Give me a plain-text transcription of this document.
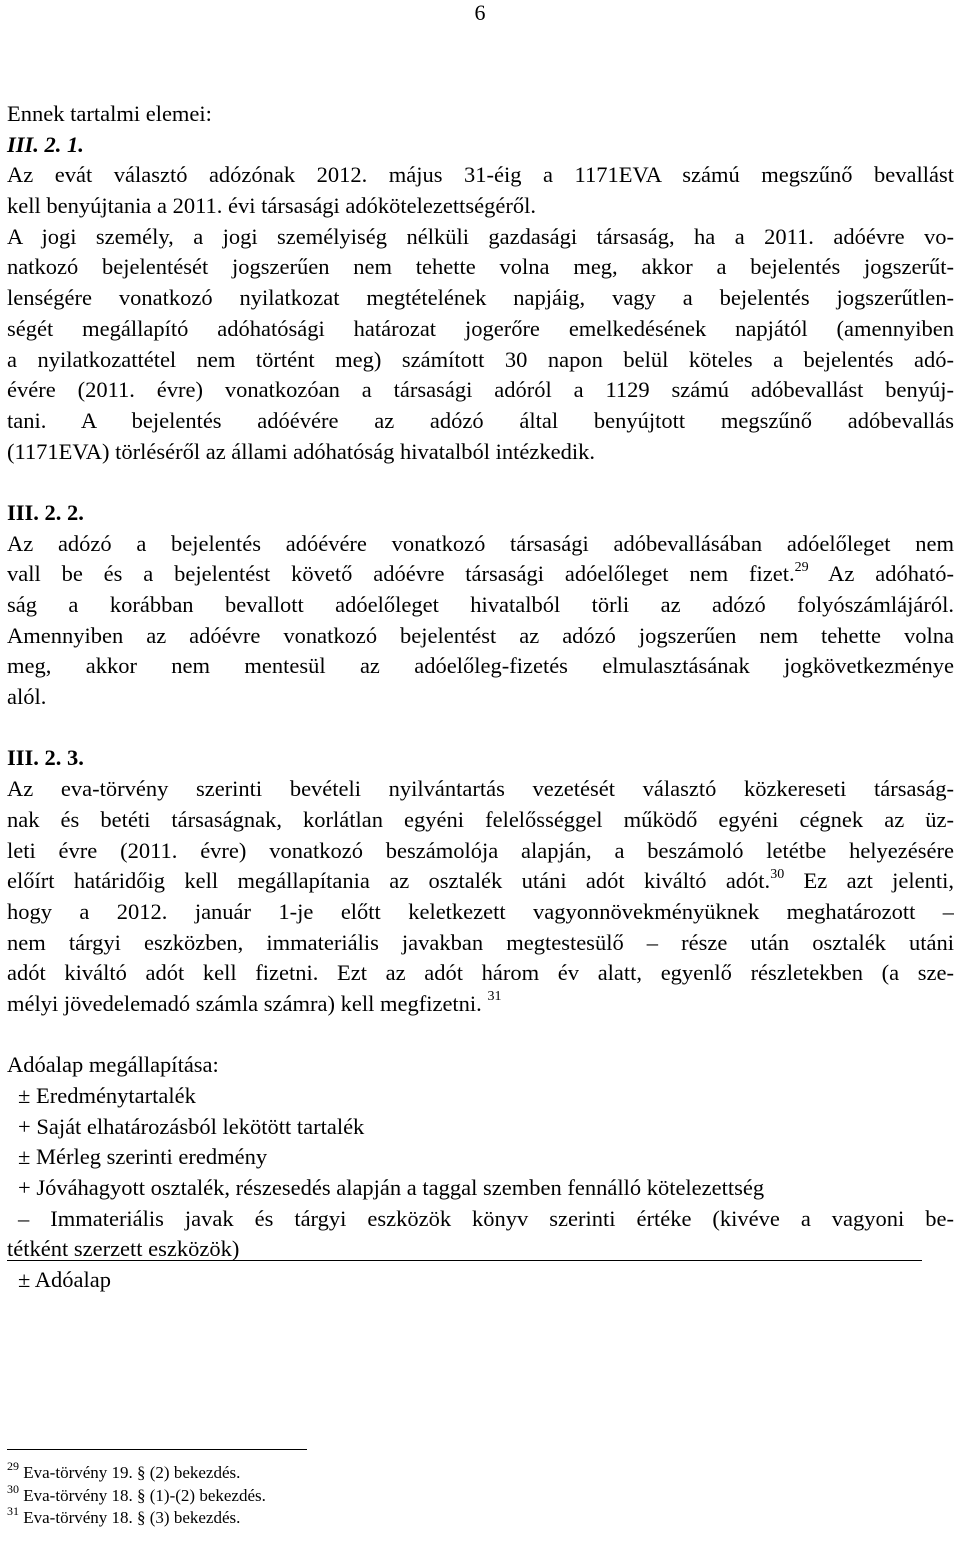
6
Ennek tartalmi elemei:
III. 2. 1.
Az evát választó adózónak 2012. május 31-éig a 1171EVA számú megszűnő bevallást
kell benyújtania a 2011. évi társasági adókötelezettségéről.
A jogi személy, a jogi személyiség nélküli gazdasági társaság, ha a 2011. adóévre vo-
natkozó bejelentését jogszerűen nem tehette volna meg, akkor a bejelentés jogszerűt-
lenségére vonatkozó nyilatkozat megtételének napjáig, vagy a bejelentés jogszerűtlen-
ségét megállapító adóhatósági határozat jogerőre emelkedésének napjától (amennyiben
a nyilatkozattétel nem történt meg) számított 30 napon belül köteles a bejelentés adó-
évére (2011. évre) vonatkozóan a társasági adóról a 1129 számú adóbevallást benyúj-
tani. A bejelentés adóévére az adózó által benyújtott megszűnő adóbevallás
(1171EVA) törléséről az állami adóhatóság hivatalból intézkedik.
III. 2. 2.
Az adózó a bejelentés adóévére vonatkozó társasági adóbevallásában adóelőleget nem
vall be és a bejelentést követő adóévre társasági adóelőleget nem fizet.$^{29}$ Az adóható-
ság a korábban bevallott adóelőleget hivatalból törli az adózó folyószámlájáról.
Amennyiben az adóévre vonatkozó bejelentést az adózó jogszerűen nem tehette volna
meg, akkor nem mentesül az adóelőleg-fizetés elmulasztásának jogkövetkezménye
alól.
III. 2. 3.
Az eva-törvény szerinti bevételi nyilvántartás vezetését választó közkereseti társaság-
nak és betéti társaságnak, korlátlan egyéni felelősséggel működő egyéni cégnek az üz-
leti évre (2011. évre) vonatkozó beszámolója alapján, a beszámoló letétbe helyezésére
előírt határidőig kell megállapítania az osztalék utáni adót kiváltó adót.$^{30}$ Ez azt jelenti,
hogy a 2012. január 1-je előtt keletkezett vagyonnövekményüknek meghatározott –
nem tárgyi eszközben, immateriális javakban megtestesülő – része után osztalék utáni
adót kiváltó adót kell fizetni. Ezt az adót három év alatt, egyenlő részletekben (a sze-
mélyi jövedelemadó számla számra) kell megfizetni. $^{31}$
Adóalap megállapítása:
± Eredménytartalék
+ Saját elhatározásból lekötött tartalék
± Mérleg szerinti eredmény
+ Jóváhagyott osztalék, részesedés alapján a taggal szemben fennálló kötelezettség
– Immateriális javak és tárgyi eszközök könyv szerinti értéke (kivéve a vagyoni be-
tétként szerzett eszközök)
± Adóalap
$^{29}$ Eva-törvény 19. § (2) bekezdés.
$^{30}$ Eva-törvény 18. § (1)-(2) bekezdés.
$^{31}$ Eva-törvény 18. § (3) bekezdés.
